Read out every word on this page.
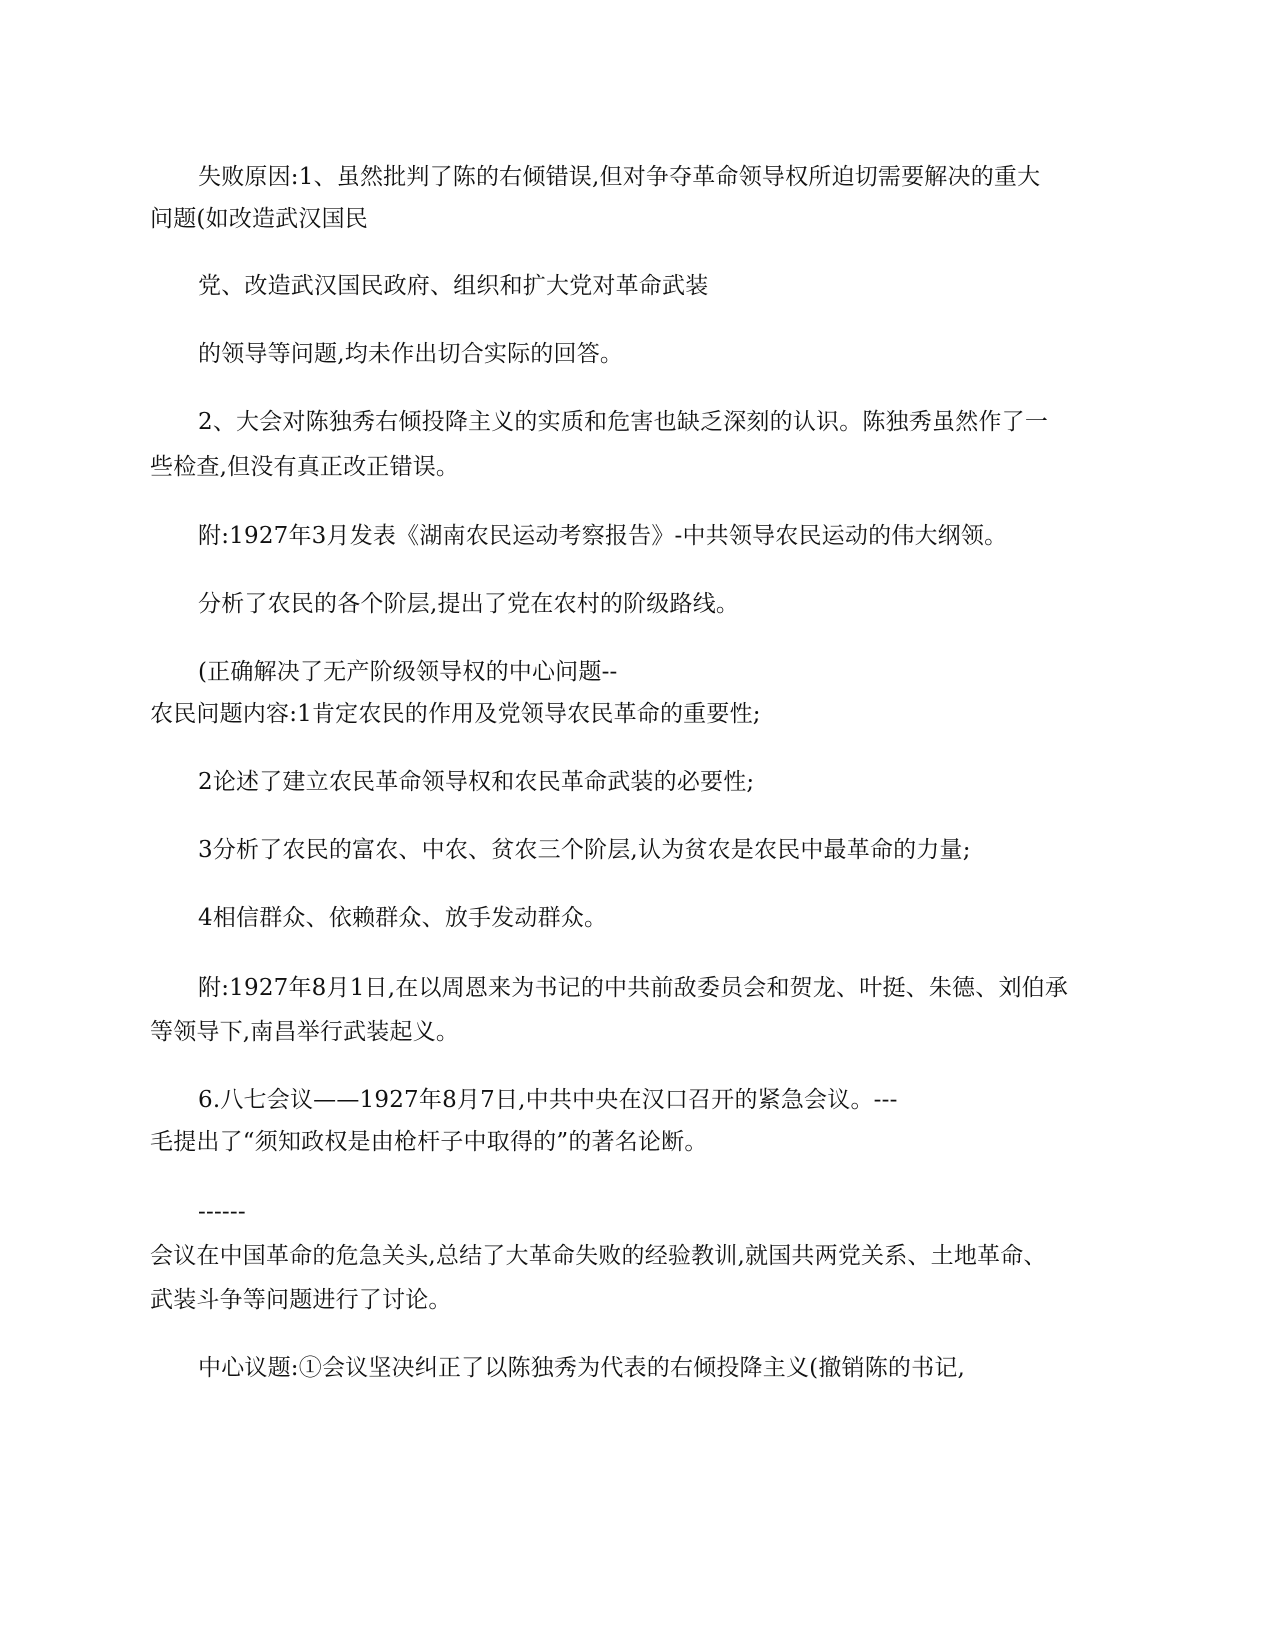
失败原因:1、虽然批判了陈的右倾错误,但对争夺革命领导权所迫切需要解决的重大
问题(如改造武汉国民
党、改造武汉国民政府、组织和扩大党对革命武装
的领导等问题,均未作出切合实际的回答。
2、大会对陈独秀右倾投降主义的实质和危害也缺乏深刻的认识。陈独秀虽然作了一
些检查,但没有真正改正错误。
附:1927年3月发表《湖南农民运动考察报告》-中共领导农民运动的伟大纲领。
分析了农民的各个阶层,提出了党在农村的阶级路线。
(正确解决了无产阶级领导权的中心问题--
农民问题内容:1肯定农民的作用及党领导农民革命的重要性;
2论述了建立农民革命领导权和农民革命武装的必要性;
3分析了农民的富农、中农、贫农三个阶层,认为贫农是农民中最革命的力量;
4相信群众、依赖群众、放手发动群众。
附:1927年8月1日,在以周恩来为书记的中共前敌委员会和贺龙、叶挺、朱德、刘伯承
等领导下,南昌举行武装起义。
6.八七会议——1927年8月7日,中共中央在汉口召开的紧急会议。---
毛提出了“须知政权是由枪杆子中取得的”的著名论断。
------
会议在中国革命的危急关头,总结了大革命失败的经验教训,就国共两党关系、土地革命、
武装斗争等问题进行了讨论。
中心议题:①会议坚决纠正了以陈独秀为代表的右倾投降主义(撤销陈的书记,
